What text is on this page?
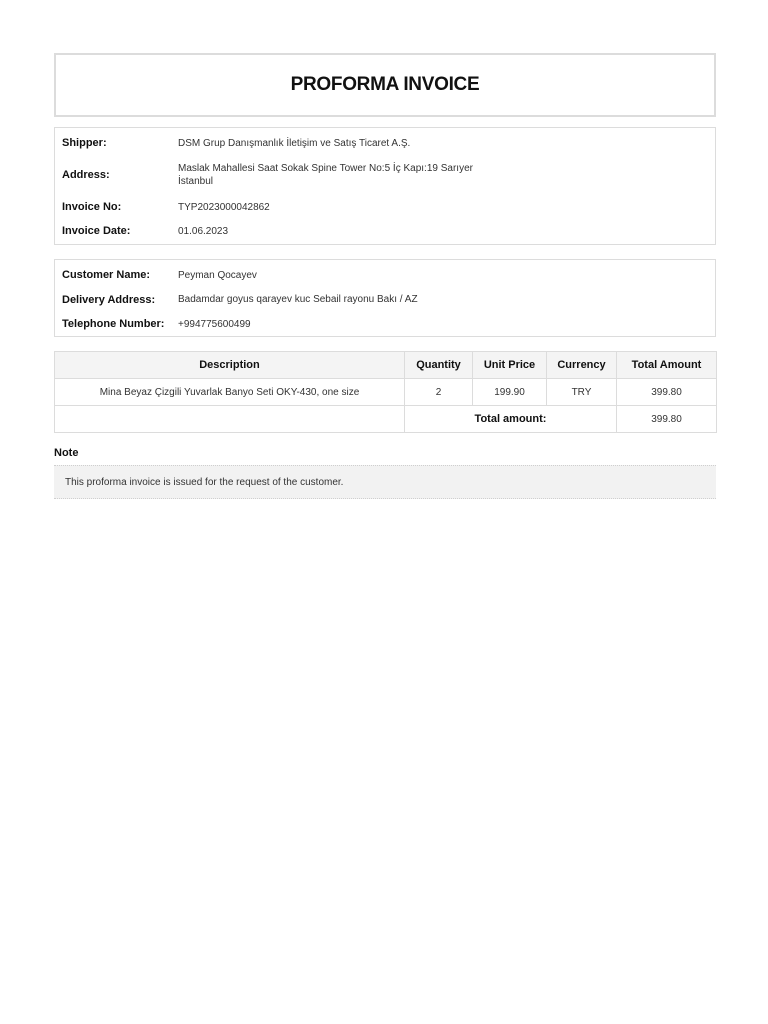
PROFORMA INVOICE
Shipper:	DSM Grup Danışmanlık İletişim ve Satış Ticaret A.Ş.
Address:
Maslak Mahallesi Saat Sokak Spine Tower No:5 İç Kapı:19 Sarıyer İstanbul
Invoice No:	TYP2023000042862
Invoice Date:	01.06.2023
Customer Name:	Peyman Qocayev
Delivery Address:	Badamdar goyus qarayev kuc Sebail rayonu Bakı / AZ
Telephone Number:	+994775600499
Description	Quantity	Unit Price	Currency	Total Amount
Mina Beyaz Çizgili Yuvarlak Banyo Seti OKY-430, one size	2	199.90	TRY	399.80
	Total amount:			399.80
Note
This proforma invoice is issued for the request of the customer.
